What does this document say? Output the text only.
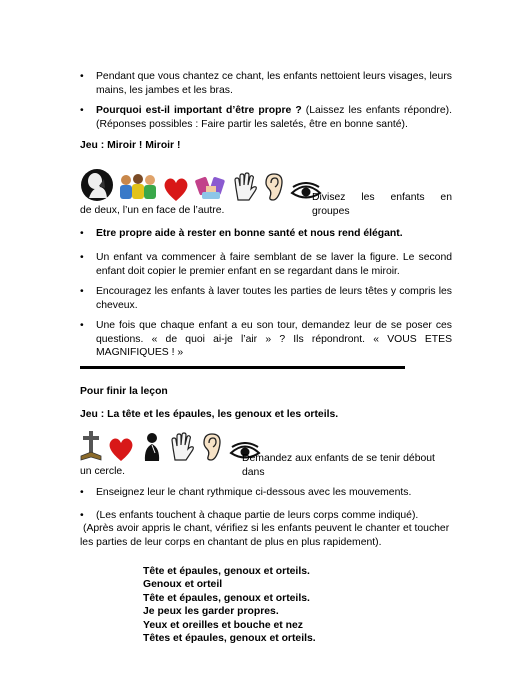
• Pendant que vous chantez ce chant, les enfants nettoient leurs visages, leurs mains, les jambes et les bras.
• Pourquoi est-il important d’être propre ? (Laissez les enfants répondre). (Réponses possibles : Faire partir les saletés, être en bonne santé).
Jeu : Miroir ! Miroir !
Divisez les enfants en groupes
de deux, l’un en face de l’autre.
• Etre propre aide à rester en bonne santé et nous rend élégant.
• Un enfant va commencer à faire semblant de se laver la figure. Le second enfant doit copier le premier enfant en se regardant dans le miroir.
• Encouragez les enfants à laver toutes les parties de leurs têtes y compris les cheveux.
• Une fois que chaque enfant a eu son tour, demandez leur de se poser ces questions. « de quoi ai-je l’air » ? Ils répondront. « VOUS ETES MAGNIFIQUES ! »
Pour finir la leçon
Jeu : La tête et les épaules, les genoux et les orteils.
Demandez aux enfants de se tenir débout dans
un cercle.
• Enseignez leur le chant rythmique ci-dessous avec les mouvements.
• (Les enfants touchent à chaque partie de leurs corps comme indiqué).
(Après avoir appris le chant, vérifiez si les enfants peuvent le chanter et toucher les parties de leur corps en chantant de plus en plus rapidement).
Tête et épaules, genoux et orteils.
Genoux et orteil
Tête et épaules, genoux et orteils.
Je peux les garder propres.
Yeux et oreilles et bouche et nez
Têtes et épaules, genoux et orteils.
